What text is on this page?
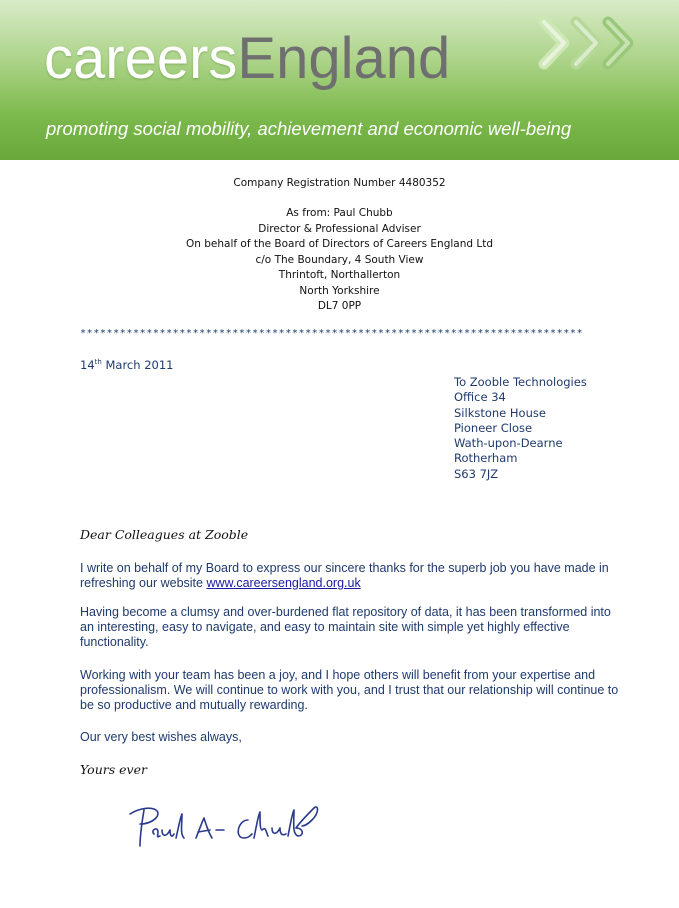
careersEngland
promoting social mobility, achievement and economic well-being
Company Registration Number 4480352
As from: Paul Chubb
Director & Professional Adviser
On behalf of the Board of Directors of Careers England Ltd
c/o The Boundary, 4 South View
Thrintoft, Northallerton
North Yorkshire
DL7 0PP
****************************************************************************
14th March 2011
To Zooble Technologies
Office 34
Silkstone House
Pioneer Close
Wath-upon-Dearne
Rotherham
S63 7JZ
Dear Colleagues at Zooble
I write on behalf of my Board to express our sincere thanks for the superb job you have made in refreshing our website www.careersengland.org.uk
Having become a clumsy and over-burdened flat repository of data, it has been transformed into an interesting, easy to navigate, and easy to maintain site with simple yet highly effective functionality.
Working with your team has been a joy, and I hope others will benefit from your expertise and professionalism. We will continue to work with you, and I trust that our relationship will continue to be so productive and mutually rewarding.
Our very best wishes always,
Yours ever
